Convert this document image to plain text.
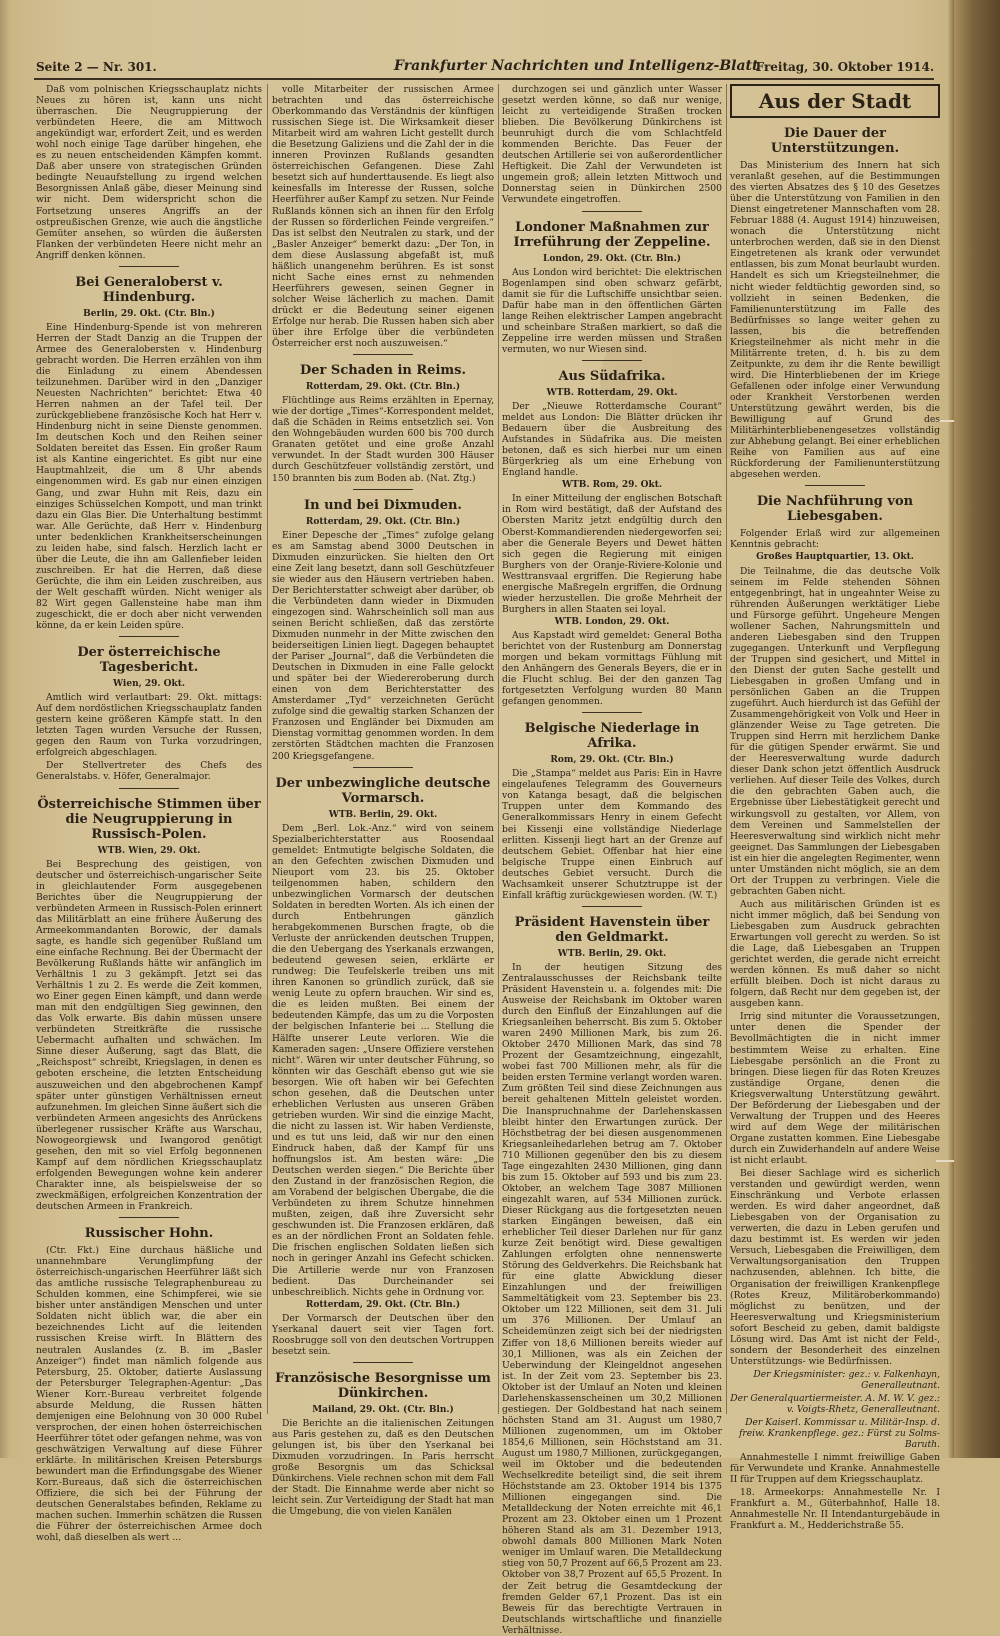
Seite 2 — Nr. 301.	Frankfurter Nachrichten und Intelligenz-Blatt
Freitag, 30. Oktober 1914.

Daß vom polnischen Kriegsschauplatz nichts Neues zu hören ist, kann uns nicht überraschen. Die Neugruppierung der verbündeten Heere, die am Mittwoch angekündigt war, erfordert Zeit, und es werden wohl noch einige Tage darüber hingehen, ehe es zu neuen entscheidenden Kämpfen kommt. Daß aber unsere von strategischen Gründen bedingte Neuaufstellung zu irgend welchen Besorgnissen Anlaß gäbe, dieser Meinung sind wir nicht. Dem widerspricht schon die Fortsetzung unseres Angriffs an der ostpreußischen Grenze, wie auch die ängstliche Gemüter ansehen, so würden die äußersten Flanken der verbündeten Heere nicht mehr an Angriff denken können.

Bei Generaloberst v. Hindenburg.
Berlin, 29. Okt. (Ctr. Bln.)

Eine Hindenburg-Spende ist von mehreren Herren der Stadt Danzig an die Truppen der Armee des Generalobersten v. Hindenburg gebracht worden. Die Herren erzählen von ihm die Einladung zu einem Abendessen teilzunehmen. Darüber wird in den „Danziger Neuesten Nachrichten“ berichtet: Etwa 40 Herren nahmen an der Tafel teil. Der zurückgebliebene französische Koch hat Herr v. Hindenburg nicht in seine Dienste genommen. Im deutschen Koch und den Reihen seiner Soldaten bereitet das Essen. Ein großer Raum ist als Kantine eingerichtet. Es gibt nur eine Hauptmahlzeit, die um 8 Uhr abends eingenommen wird. Es gab nur einen einzigen Gang, und zwar Huhn mit Reis, dazu ein einziges Schüsselchen Kompott, und man trinkt dazu ein Glas Bier. Die Unterhaltung bestimmt war. Alle Gerüchte, daß Herr v. Hindenburg unter bedenklichen Krankheitserscheinungen zu leiden habe, sind falsch. Herzlich lacht er über die Leute, die ihn am Gallenfieber leiden zuschreiben. Er hat die Herren, daß diese Gerüchte, die ihm ein Leiden zuschreiben, aus der Welt geschafft würden. Nicht weniger als 82 Wirt gegen Gallensteine habe man ihm zugeschickt, die er doch aber nicht verwenden könne, da er kein Leiden spüre.

Der österreichische Tagesbericht.
Wien, 29. Okt.

Amtlich wird verlautbart: 29. Okt. mittags: Auf dem nordöstlichen Kriegsschauplatz fanden gestern keine größeren Kämpfe statt. In den letzten Tagen wurden Versuche der Russen, gegen den Raum von Turka vorzudringen, erfolgreich abgeschlagen.

Der Stellvertreter des Chefs des Generalstabs. v. Höfer, Generalmajor.

Österreichische Stimmen über die Neugruppierung in Russisch-Polen.
WTB. Wien, 29. Okt.

Bei Besprechung des geistigen, von deutscher und österreichisch-ungarischer Seite in gleichlautender Form ausgegebenen Berichtes über die Neugruppierung der verbündeten Armeen in Russisch-Polen erinnert das Militärblatt an eine frühere Äußerung des Armeekommandanten Borowic, der damals sagte, es handle sich gegenüber Rußland um eine einfache Rechnung. Bei der Übermacht der Bevölkerung Rußlands hätte wir anfänglich im Verhältnis 1 zu 3 gekämpft. Jetzt sei das Verhältnis 1 zu 2. Es werde die Zeit kommen, wo Einer gegen Einen kämpft, und dann werde man mit den endgültigen Sieg gewinnen, den das Volk erwarte. Bis dahin müssen unsere verbündeten Streitkräfte die russische Uebermacht aufhalten und schwächen. Im Sinne dieser Äußerung, sagt das Blatt, die „Reichspost“ schreibt, Kriegslagen, in denen es geboten erscheine, die letzten Entscheidung auszuweichen und den abgebrochenen Kampf später unter günstigen Verhältnissen erneut aufzunehmen. Im gleichen Sinne äußert sich die verbündeten Armeen angesichts des Anrückens überlegener russischer Kräfte aus Warschau, Nowogeorgiewsk und Iwangorod genötigt gesehen, den mit so viel Erfolg begonnenen Kampf auf dem nördlichen Kriegsschauplatz erfolgenden Bewegungen wohne kein anderer Charakter inne, als beispielsweise der so zweckmäßigen, erfolgreichen Konzentration der deutschen Armeen in Frankreich.

Russischer Hohn.

(Ctr. Fkt.) Eine durchaus häßliche und unannehmbare Verunglimpfung der österreichisch-ungarischen Heerführer läßt sich das amtliche russische Telegraphenbureau zu Schulden kommen, eine Schimpferei, wie sie bisher unter anständigen Menschen und unter Soldaten nicht üblich war, die aber ein bezeichnendes Licht auf die leitenden russischen Kreise wirft. In Blättern des neutralen Auslandes (z. B. im „Basler Anzeiger“) findet man nämlich folgende aus Petersburg, 25. Oktober, datierte Auslassung der Petersburger Telegraphen-Agentur: „Das Wiener Korr.-Bureau verbreitet folgende absurde Meldung, die Russen hätten demjenigen eine Belohnung von 30 000 Rubel versprochen, der einen hohen österreichischen Heerführer tötet oder gefangen nehme, was von geschwätzigen Verwaltung auf diese Führer erklärte. In militärischen Kreisen Petersburgs bewundert man die Erfindungsgabe des Wiener Korr.-Bureaus, daß sich die österreichischen Offiziere, die sich bei der Führung der deutschen Generalstabes befinden, Reklame zu machen suchen. Immerhin schätzen die Russen die Führer der österreichischen Armee doch wohl, daß dieselben als wert ...

volle Mitarbeiter der russischen Armee betrachten und das österreichische Oberkommando das Verständnis der künftigen russischen Siege ist. Die Wirksamkeit dieser Mitarbeit wird am wahren Licht gestellt durch die Besetzung Galiziens und die Zahl der in die inneren Provinzen Rußlands gesandten österreichischen Gefangenen. Diese Zahl besetzt sich auf hunderttausende. Es liegt also keinesfalls im Interesse der Russen, solche Heerführer außer Kampf zu setzen. Nur Feinde Rußlands können sich an ihnen für den Erfolg der Russen so förderlichen Feinde vergreifen.“ Das ist selbst den Neutralen zu stark, und der „Basler Anzeiger“ bemerkt dazu: „Der Ton, in dem diese Auslassung abgefaßt ist, muß häßlich unangenehm berühren. Es ist sonst nicht Sache eines ernst zu nehmenden Heerführers gewesen, seinen Gegner in solcher Weise lächerlich zu machen. Damit drückt er die Bedeutung seiner eigenen Erfolge nur herab. Die Russen haben sich aber über ihre Erfolge über die verbündeten Österreicher erst noch auszuweisen.“

Der Schaden in Reims.
Rotterdam, 29. Okt. (Ctr. Bln.)

Flüchtlinge aus Reims erzählten in Epernay, wie der dortige „Times“-Korrespondent meldet, daß die Schäden in Reims entsetzlich sei. Von den Wohngebäuden wurden 600 bis 700 durch Granaten getötet und eine große Anzahl verwundet. In der Stadt wurden 300 Häuser durch Geschützfeuer vollständig zerstört, und 150 brannten bis zum Boden ab. (Nat. Ztg.)

In und bei Dixmuden.
Rotterdam, 29. Okt. (Ctr. Bln.)

Einer Depesche der „Times“ zufolge gelang es am Samstag abend 3000 Deutschen in Dixmuden einzurücken. Sie hielten den Ort eine Zeit lang besetzt, dann soll Geschützfeuer sie wieder aus den Häusern vertrieben haben. Der Berichterstatter schweigt aber darüber, ob die Verbündeten dann wieder in Dixmuden eingezogen sind. Wahrscheinlich soll man aus seinen Bericht schließen, daß das zerstörte Dixmuden nunmehr in der Mitte zwischen den beiderseitigen Linien liegt. Dagegen behauptet der Pariser „Journal“, daß die Verbündeten die Deutschen in Dixmuden in eine Falle gelockt und später bei der Wiedereroberung durch einen von dem Berichterstatter des Amsterdamer „Tyd“ verzeichneten Gerücht zufolge sind die gewaltig starken Schanzen der Franzosen und Engländer bei Dixmuden am Dienstag vormittag genommen worden. In dem zerstörten Städtchen machten die Franzosen 200 Kriegsgefangene.

Der unbezwingliche deutsche Vormarsch.
WTB. Berlin, 29. Okt.

Dem „Berl. Lok.-Anz.“ wird von seinem Spezialberichterstatter aus Roosendaal gemeldet: Entmutigte belgische Soldaten, die an den Gefechten zwischen Dixmuden und Nieuport vom 23. bis 25. Oktober teilgenommen haben, schildern den unbezwinglichen Vormarsch der deutschen Soldaten in beredten Worten. Als ich einen der durch Entbehrungen gänzlich herabgekommenen Burschen fragte, ob die Verluste der anrückenden deutschen Truppen, die den Uebergang des Yserkanals erzwangen, bedeutend gewesen seien, erklärte er rundweg: Die Teufelskerle treiben uns mit ihren Kanonen so gründlich zurück, daß sie wenig Leute zu opfern brauchen. Wir sind es, die es leiden mußten. Bei einem der bedeutenden Kämpfe, das um zu die Vorposten der belgischen Infanterie bei ... Stellung die Hälfte unserer Leute verloren. Wie die Kameraden sagen: „Unsere Offiziere verstehen nicht“. Wären wir unter deutscher Führung, so könnten wir das Geschäft ebenso gut wie sie besorgen. Wie oft haben wir bei Gefechten schon gesehen, daß die Deutschen unter erheblichen Verlusten aus unseren Gräben getrieben wurden. Wir sind die einzige Macht, die nicht zu lassen ist. Wir haben Verdienste, und es tut uns leid, daß wir nur den einen Eindruck haben, daß der Kampf für uns hoffnungslos ist. Am besten wäre: „Die Deutschen werden siegen.“ Die Berichte über den Zustand in der französischen Region, die am Vorabend der belgischen Übergabe, die die Verbündeten zu ihrem Schutze hinnehmen mußten, zeigen, daß ihre Zuversicht sehr geschwunden ist. Die Franzosen erklären, daß es an der nördlichen Front an Soldaten fehle. Die frischen englischen Soldaten ließen sich noch in geringer Anzahl ins Gefecht schicken. Die Artillerie werde nur von Franzosen bedient. Das Durcheinander sei unbeschreiblich. Nichts gehe in Ordnung vor.

Rotterdam, 29. Okt. (Ctr. Bln.)

Der Vormarsch der Deutschen über den Yserkanal dauert seit vier Tagen fort. Roosbrugge soll von den deutschen Vortruppen besetzt sein.

Französische Besorgnisse um Dünkirchen.
Mailand, 29. Okt. (Ctr. Bln.)

Die Berichte an die italienischen Zeitungen aus Paris gestehen zu, daß es den Deutschen gelungen ist, bis über den Yserkanal bei Dixmuden vorzudringen. In Paris herrscht große Besorgnis um das Schicksal Dünkirchens. Viele rechnen schon mit dem Fall der Stadt. Die Einnahme werde aber nicht so leicht sein. Zur Verteidigung der Stadt hat man die Umgebung, die von vielen Kanälen

durchzogen sei und gänzlich unter Wasser gesetzt werden könne, so daß nur wenige, leicht zu verteidigende Straßen trocken blieben. Die Bevölkerung Dünkirchens ist beunruhigt durch die vom Schlachtfeld kommenden Berichte. Das Feuer der deutschen Artillerie sei von außerordentlicher Heftigkeit. Die Zahl der Verwundeten ist ungemein groß; allein letzten Mittwoch und Donnerstag seien in Dünkirchen 2500 Verwundete eingetroffen.

Londoner Maßnahmen zur Irreführung der Zeppeline.
London, 29. Okt. (Ctr. Bln.)

Aus London wird berichtet: Die elektrischen Bogenlampen sind oben schwarz gefärbt, damit sie für die Luftschiffe unsichtbar seien. Dafür habe man in den öffentlichen Gärten lange Reihen elektrischer Lampen angebracht und scheinbare Straßen markiert, so daß die Zeppeline irre werden müssen und Straßen vermuten, wo nur Wiesen sind.

Aus Südafrika.
WTB. Rotterdam, 29. Okt.

Der „Nieuwe Rotterdamsche Courant“ meldet aus London: Die Blätter drücken ihr Bedauern über die Ausbreitung des Aufstandes in Südafrika aus. Die meisten betonen, daß es sich hierbei nur um einen Bürgerkrieg als um eine Erhebung von England handle.

WTB. Rom, 29. Okt.

In einer Mitteilung der englischen Botschaft in Rom wird bestätigt, daß der Aufstand des Obersten Maritz jetzt endgültig durch den Oberst-Kommandierenden niedergeworfen sei; aber die Generale Beyers und Dewet hätten sich gegen die Regierung mit einigen Burghers von der Oranje-Riviere-Kolonie und Westtransvaal ergriffen. Die Regierung habe energische Maßregeln ergriffen, die Ordnung wieder herzustellen. Die große Mehrheit der Burghers in allen Staaten sei loyal.

WTB. London, 29. Okt.

Aus Kapstadt wird gemeldet: General Botha berichtet von der Rustenburg am Donnerstag morgen und bekam vormittags Fühlung mit den Anhängern des Generals Beyers, die er in die Flucht schlug. Bei der den ganzen Tag fortgesetzten Verfolgung wurden 80 Mann gefangen genommen.

Belgische Niederlage in Afrika.
Rom, 29. Okt. (Ctr. Bln.)

Die „Stampa“ meldet aus Paris: Ein in Havre eingelaufenes Telegramm des Gouverneurs von Katanga besagt, daß die belgischen Truppen unter dem Kommando des Generalkommissars Henry in einem Gefecht bei Kissenji eine vollständige Niederlage erlitten. Kissenji liegt hart an der Grenze auf deutschem Gebiet. Offenbar hat hier eine belgische Truppe einen Einbruch auf deutsches Gebiet versucht. Durch die Wachsamkeit unserer Schutztruppe ist der Einfall kräftig zurückgewiesen worden. (W. T.)

Präsident Havenstein über den Geldmarkt.
WTB. Berlin, 29. Okt.

In der heutigen Sitzung des Zentralausschusses der Reichsbank teilte Präsident Havenstein u. a. folgendes mit: Die Ausweise der Reichsbank im Oktober waren durch den Einfluß der Einzahlungen auf die Kriegsanleihen beherrscht. Bis zum 5. Oktober waren 2490 Millionen Mark, bis zum 26. Oktober 2470 Millionen Mark, das sind 78 Prozent der Gesamtzeichnung, eingezahlt, wobei fast 700 Millionen mehr, als für die beiden ersten Termine verlangt worden waren. Zum größten Teil sind diese Zeichnungen aus bereit gehaltenen Mitteln geleistet worden. Die Inanspruchnahme der Darlehenskassen bleibt hinter den Erwartungen zurück. Der Höchstbetrag der bei diesen ausgenommenen Kriegsanleihedarlehen betrug am 7. Oktober 710 Millionen gegenüber den bis zu diesem Tage eingezahlten 2430 Millionen, ging dann bis zum 15. Oktober auf 593 und bis zum 23. Oktober, an welchem Tage 3087 Millionen eingezahlt waren, auf 534 Millionen zurück. Dieser Rückgang aus die fortgesetzten neuen starken Eingängen beweisen, daß ein erheblicher Teil dieser Darlehen nur für ganz kurze Zeit benötigt wird. Diese gewaltigen Zahlungen erfolgten ohne nennenswerte Störung des Geldverkehrs. Die Reichsbank hat für eine glatte Abwicklung dieser Einzahlungen und der freiwilligen Sammeltätigkeit vom 23. September bis 23. Oktober um 122 Millionen, seit dem 31. Juli um 376 Millionen. Der Umlauf an Scheidemünzen zeigt sich bei der niedrigsten Ziffer von 18,6 Millionen bereits wieder auf 30,1 Millionen, was als ein Zeichen der Ueberwindung der Kleingeldnot angesehen ist. In der Zeit vom 23. September bis 23. Oktober ist der Umlauf an Noten und kleinen Darlehenskassenscheinen um 30,2 Millionen gestiegen. Der Goldbestand hat nach seinem höchsten Stand am 31. August um 1980,7 Millionen zugenommen, um im Oktober 1854,6 Millionen, sein Höchststand am 31. August um 1980,7 Millionen, zurückgegangen, weil im Oktober und die bedeutenden Wechselkredite beteiligt sind, die seit ihrem Höchststande am 23. Oktober 1914 bis 1375 Millionen eingegangen sind. Die Metalldeckung der Noten erreichte mit 46,1 Prozent am 23. Oktober einen um 1 Prozent höheren Stand als am 31. Dezember 1913, obwohl damals 800 Millionen Mark Noten weniger im Umlauf waren. Die Metalldeckung stieg von 50,7 Prozent auf 66,5 Prozent am 23. Oktober von 38,7 Prozent auf 65,5 Prozent. In der Zeit betrug die Gesamtdeckung der fremden Gelder 67,1 Prozent. Das ist ein Beweis für das berechtigte Vertrauen in Deutschlands wirtschaftliche und finanzielle Verhältnisse.

Aus der Stadt
Die Dauer der Unterstützungen.

Das Ministerium des Innern hat sich veranlaßt gesehen, auf die Bestimmungen des vierten Absatzes des § 10 des Gesetzes über die Unterstützung von Familien in den Dienst eingetretener Mannschaften vom 28. Februar 1888 (4. August 1914) hinzuweisen, wonach die Unterstützung nicht unterbrochen werden, daß sie in den Dienst Eingetretenen als krank oder verwundet entlassen, bis zum Monat beurlaubt wurden. Handelt es sich um Kriegsteilnehmer, die nicht wieder feldtüchtig geworden sind, so vollzieht in seinen Bedenken, die Familienunterstützung im Falle des Bedürfnisses so lange weiter gehen zu lassen, bis die betreffenden Kriegsteilnehmer als nicht mehr in die Militärrente treten, d. h. bis zu dem Zeitpunkte, zu dem ihr die Rente bewilligt wird. Die Hinterbliebenen der im Kriege Gefallenen oder infolge einer Verwundung oder Krankheit Verstorbenen werden Unterstützung gewährt werden, bis die Bewilligung auf Grund des Militärhinterbliebenengesetzes vollständig zur Abhebung gelangt. Bei einer erheblichen Reihe von Familien aus auf eine Rückforderung der Familienunterstützung abgesehen werden.

Die Nachführung von Liebesgaben.

Folgender Erlaß wird zur allgemeinen Kenntnis gebracht:

Großes Hauptquartier, 13. Okt.

Die Teilnahme, die das deutsche Volk seinem im Felde stehenden Söhnen entgegenbringt, hat in ungeahnter Weise zu rührenden Äußerungen werktätiger Liebe und Fürsorge geführt. Ungeheure Mengen wollener Sachen, Nahrungsmitteln und anderen Liebesgaben sind den Truppen zugegangen. Unterkunft und Verpflegung der Truppen sind gesichert, und Mittel in den Dienst der guten Sache gestellt und Liebesgaben in großen Umfang und in persönlichen Gaben an die Truppen zugeführt. Auch hierdurch ist das Gefühl der Zusammengehörigkeit von Volk und Heer in glänzender Weise zu Tage getreten. Die Truppen sind Herrn mit herzlichem Danke für die gütigen Spender erwärmt. Sie und der Heeresverwaltung wurde dadurch dieser Dank schon jetzt öffentlich Ausdruck verliehen. Auf dieser Teile des Volkes, durch die den gebrachten Gaben auch, die Ergebnisse über Liebestätigkeit gerecht und wirkungsvoll zu gestalten, vor Allem, von dem Vereinen und Sammelstellen der Heeresverwaltung sind wirklich nicht mehr geeignet. Das Sammlungen der Liebesgaben ist ein hier die angelegten Regimenter, wenn unter Umständen nicht möglich, sie an dem Ort der Truppen zu verbringen. Viele die gebrachten Gaben nicht.

Auch aus militärischen Gründen ist es nicht immer möglich, daß bei Sendung von Liebesgaben zum Ausdruck gebrachten Erwartungen voll gerecht zu werden. So ist die Lage, daß Liebesgaben an Truppen gerichtet werden, die gerade nicht erreicht werden können. Es muß daher so nicht erfüllt bleiben. Doch ist nicht daraus zu folgern, daß Recht nur dem gegeben ist, der ausgeben kann.

Irrig sind mitunter die Voraussetzungen, unter denen die Spender der Bevollmächtigten die in nicht immer bestimmtem Weise zu erhalten. Eine Liebesgabe persönlich an die Front zu bringen. Diese liegen für das Roten Kreuzes zuständige Organe, denen die Kriegsverwaltung Unterstützung gewährt. Der Beförderung der Liebesgaben und der Verwaltung der Truppen und des Heeres wird auf dem Wege der militärischen Organe zustatten kommen. Eine Liebesgabe durch ein Zuwiderhandeln auf andere Weise ist nicht erlaubt.

Bei dieser Sachlage wird es sicherlich verstanden und gewürdigt werden, wenn Einschränkung und Verbote erlassen werden. Es wird daher angeordnet, daß Liebesgaben von der Organisation zu verwerten, die dazu in Leben gerufen und dazu bestimmt ist. Es werden wir jeden Versuch, Liebesgaben die Freiwilligen, dem Verwaltungsorganisation den Truppen nachzusenden, ablehnen. Ich bitte, die Organisation der freiwilligen Krankenpflege (Rotes Kreuz, Militäroberkommando) möglichst zu benützen, und der Heeresverwaltung und Kriegsministerium sofort Bescheid zu geben, damit baldigste Lösung wird. Das Amt ist nicht der Feld-, sondern der Besonderheit des einzelnen Unterstützungs- wie Bedürfnissen.

Der Kriegsminister: gez.: v. Falkenhayn, Generalleutnant.
Der Generalquartiermeister. A. M. W. V. gez.: v. Voigts-Rhetz, Generalleutnant.
Der Kaiserl. Kommissar u. Militär-Insp. d. freiw. Krankenpflege. gez.: Fürst zu Solms-Baruth.

Annahmestelle I nimmt freiwillige Gaben für Verwundete und Kranke. Annahmestelle II für Truppen auf dem Kriegsschauplatz.

18. Armeekorps: Annahmestelle Nr. I Frankfurt a. M., Güterbahnhof, Halle 18. Annahmestelle Nr. II Intendanturgebäude in Frankfurt a. M., Hedderichstraße 55.
